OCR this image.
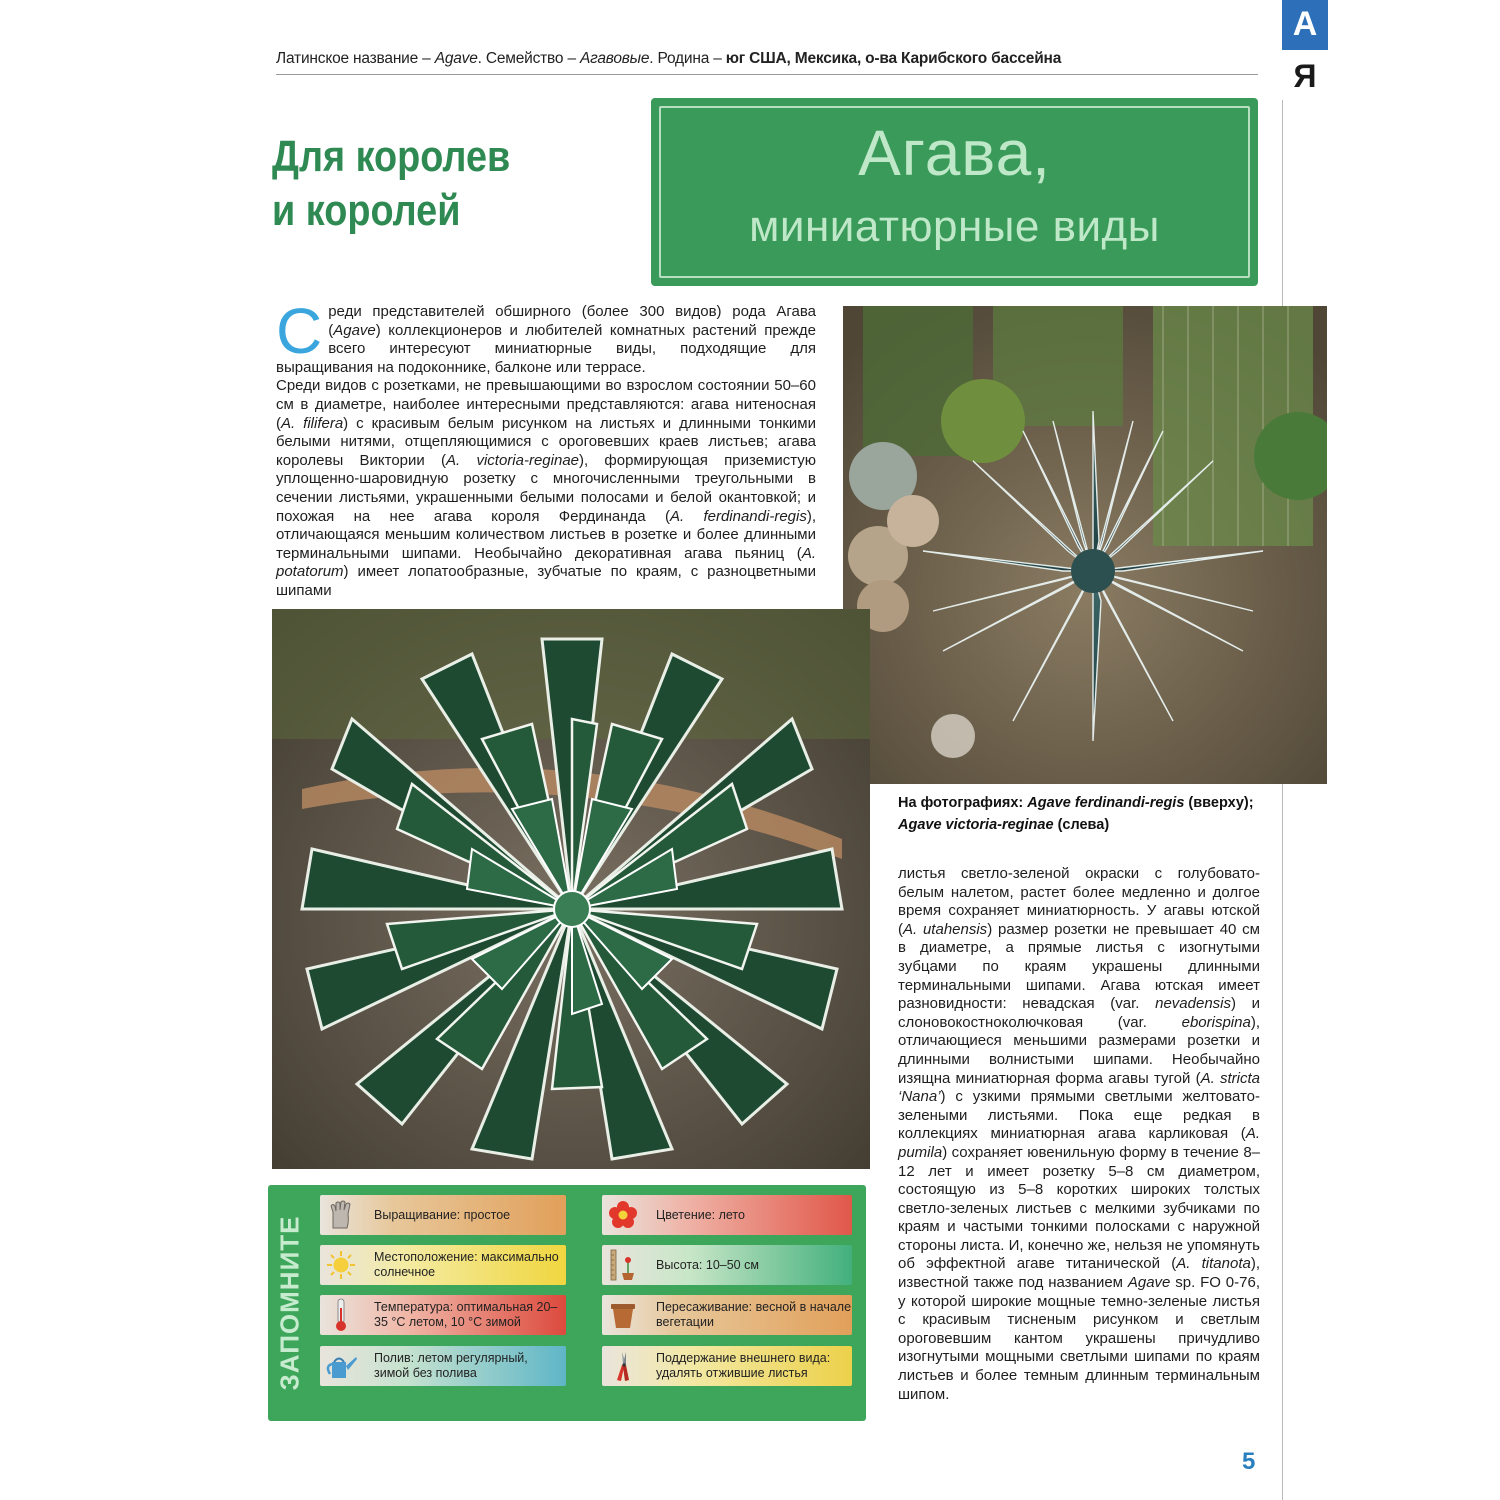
Латинское название – Agave. Семейство – Агавовые. Родина – юг США, Мексика, о-ва Карибского бассейна
А
Я
Для королев
и королей
Агава,
миниатюрные виды
С реди представителей обширного (более 300 видов) рода Агава (Agave) коллекционеров и любителей комнатных растений прежде всего интересуют миниатюрные виды, подходящие для выращивания на подоконнике, балконе или террасе.

Среди видов с розетками, не превышающими во взрослом состоянии 50–60 см в диаметре, наиболее интересными представляются: агава нитеносная (A. filifera) с красивым белым рисунком на листьях и длинными тонкими белыми нитями, отщепляющимися с ороговевших краев листьев; агава королевы Виктории (A. victoria-reginae), формирующая приземистую уплощенно-шаровидную розетку с многочисленными треугольными в сечении листьями, украшенными белыми полосами и белой окантовкой; и похожая на нее агава короля Фердинанда (A. ferdinandi-regis), отличающаяся меньшим количеством листьев в розетке и более длинными терминальными шипами. Необычайно декоративная агава пьяниц (A. potatorum) имеет лопатообразные, зубчатые по краям, с разноцветными шипами

На фотографиях: Agave ferdinandi-regis (вверху); Agave victoria-reginae (слева)

листья светло-зеленой окраски с голубовато-белым налетом, растет более медленно и долгое время сохраняет миниатюрность. У агавы ютской (A. utahensis) размер розетки не превышает 40 см в диаметре, а прямые листья с изогнутыми зубцами по краям украшены длинными терминальными шипами. Агава ютская имеет разновидности: невадская (var. nevadensis) и слоновокостноколючковая (var. eborispina), отличающиеся меньшими размерами розетки и длинными волнистыми шипами. Необычайно изящна миниатюрная форма агавы тугой (A. stricta ‘Nana’) с узкими прямыми светлыми желтовато-зелеными листьями. Пока еще редкая в коллекциях миниатюрная агава карликовая (A. pumila) сохраняет ювенильную форму в течение 8–12 лет и имеет розетку 5–8 см диаметром, состоящую из 5–8 коротких широких толстых светло-зеленых листьев с мелкими зубчиками по краям и частыми тонкими полосками с наружной стороны листа. И, конечно же, нельзя не упомянуть об эффектной агаве титанической (A. titanota), известной также под названием Agave sp. FO 0-76, у которой широкие мощные темно-зеленые листья с красивым тисненым рисунком и светлым ороговевшим кантом украшены причудливо изогнутыми мощными светлыми шипами по краям листьев и более темным длинным терминальным шипом.

ЗАПОМНИТЕ
Выращивание: простое	Цветение: лето
Местоположение: максимально солнечное
Высота: 10–50 см
Температура: оптимальная 20–35 °С летом, 10 °С зимой
Пересаживание: весной в начале вегетации
Полив: летом регулярный, зимой без полива
Поддержание внешнего вида: удалять отжившие листья
5
